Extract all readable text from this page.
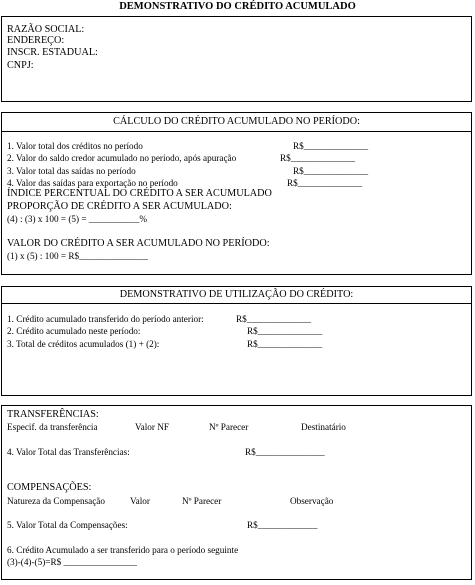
DEMONSTRATIVO DO CRÉDITO ACUMULADO
RAZÃO SOCIAL:
ENDEREÇO:
INSCR. ESTADUAL:
CNPJ:
CÁLCULO DO CRÉDITO ACUMULADO NO PERÍODO:
1. Valor total dos créditos no período	R$______________
2. Valor do saldo credor acumulado no período, após apuração	R$______________
3. Valor total das saídas no período	R$______________
4. Valor das saídas para exportação no período	R$______________
ÍNDICE PERCENTUAL DO CRÉDITO A SER ACUMULADO
PROPORÇÃO DE CRÉDITO A SER ACUMULADO:
(4) : (3) x 100 = (5) = ___________%
VALOR DO CRÉDITO A SER ACUMULADO NO PERÍODO:
(1) x (5) : 100 = R$_______________
DEMONSTRATIVO DE UTILIZAÇÃO DO CRÉDITO:
1. Crédito acumulado transferido do período anterior:	R$______________
2. Crédito acumulado neste período:	R$______________
3. Total de créditos acumulados (1) + (2):	R$______________
TRANSFERÊNCIAS:
Especif. da transferência	Valor NF	Nº Parecer	Destinatário
4. Valor Total das Transferências:	R$_______________
COMPENSAÇÕES:
Natureza da Compensação	Valor	Nº Parecer	Observação
5. Valor Total da Compensações:	R$_____________
6. Crédito Acumulado a ser transferido para o período seguinte
(3)-(4)-(5)=R$ ________________
